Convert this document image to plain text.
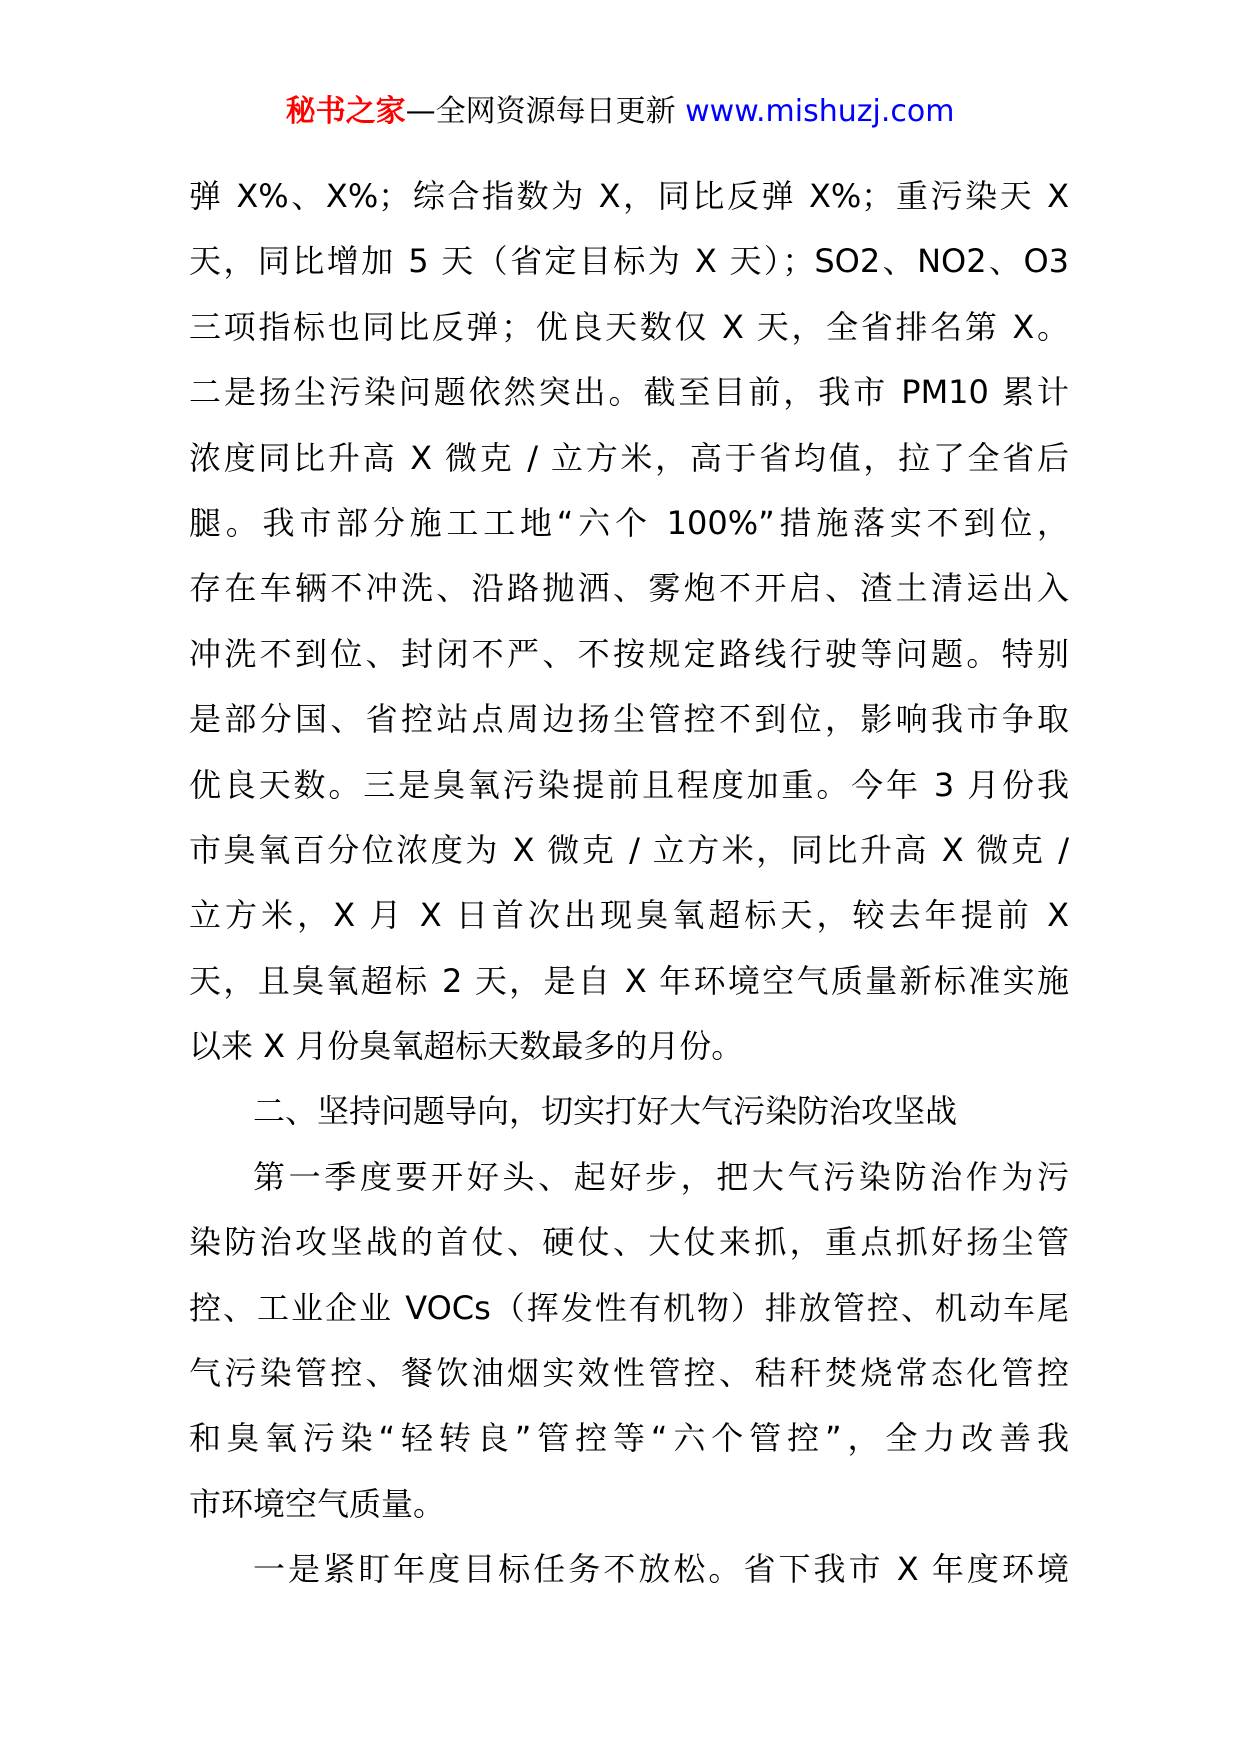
秘书之家—全网资源每日更新 www.mishuzj.com
弹 X%、X%；综合指数为 X，同比反弹 X%；重污染天 X
天，同比增加 5 天（省定目标为 X 天）；SO2、NO2、O3
三项指标也同比反弹；优良天数仅 X 天，全省排名第 X。
二是扬尘污染问题依然突出。截至目前，我市 PM10 累计
浓度同比升高 X 微克 / 立方米，高于省均值，拉了全省后
腿。我市部分施工工地“六个 100%”措施落实不到位，
存在车辆不冲洗、沿路抛洒、雾炮不开启、渣土清运出入
冲洗不到位、封闭不严、不按规定路线行驶等问题。特别
是部分国、省控站点周边扬尘管控不到位，影响我市争取
优良天数。三是臭氧污染提前且程度加重。今年 3 月份我
市臭氧百分位浓度为 X 微克 / 立方米，同比升高 X 微克 /
立方米，X 月 X 日首次出现臭氧超标天，较去年提前 X
天，且臭氧超标 2 天，是自 X 年环境空气质量新标准实施
以来 X 月份臭氧超标天数最多的月份。
二、坚持问题导向，切实打好大气污染防治攻坚战
第一季度要开好头、起好步，把大气污染防治作为污
染防治攻坚战的首仗、硬仗、大仗来抓，重点抓好扬尘管
控、工业企业 VOCs（挥发性有机物）排放管控、机动车尾
气污染管控、餐饮油烟实效性管控、秸秆焚烧常态化管控
和臭氧污染“轻转良”管控等“六个管控”，全力改善我
市环境空气质量。
一是紧盯年度目标任务不放松。省下我市 X 年度环境
